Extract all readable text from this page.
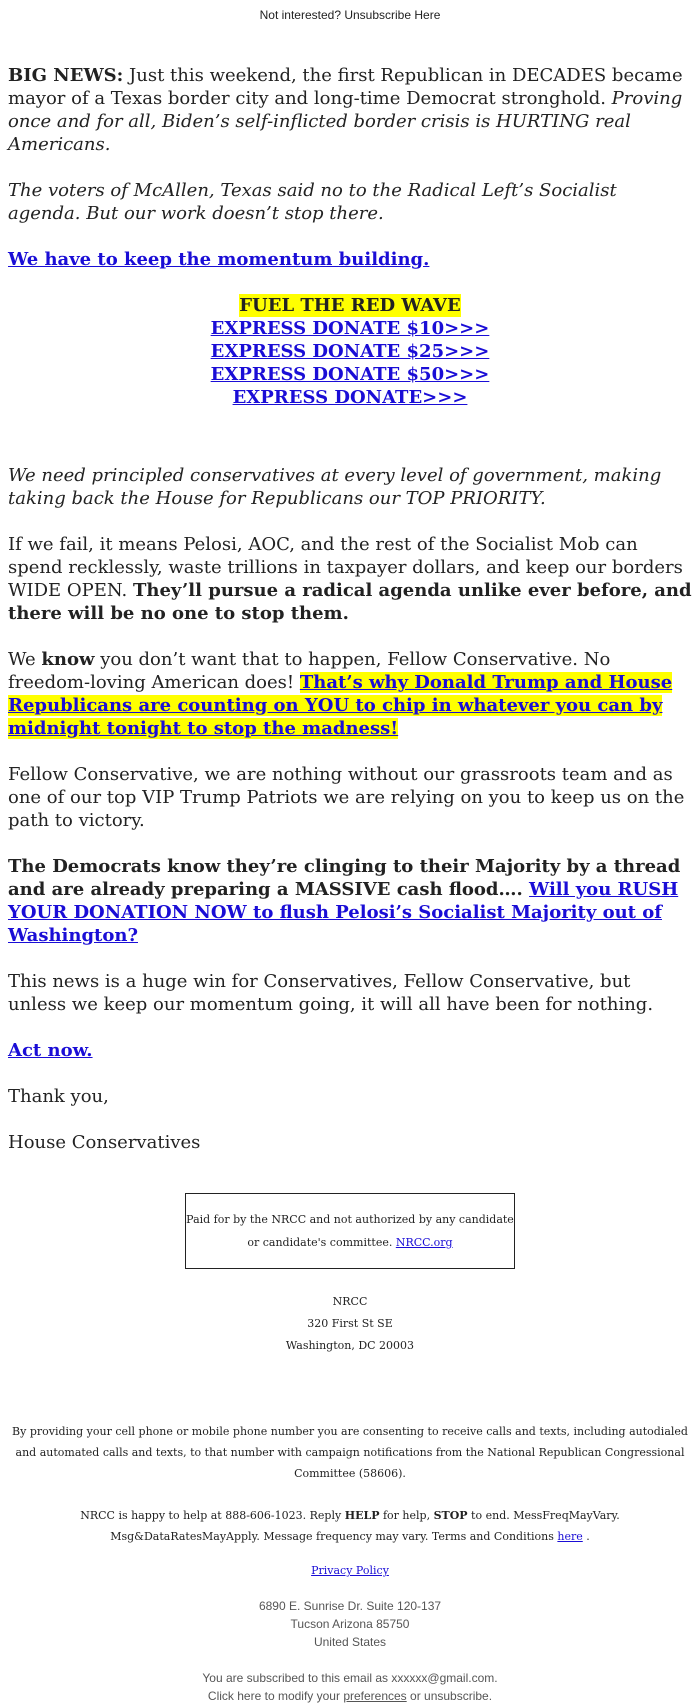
Not interested? Unsubscribe Here

BIG NEWS: Just this weekend, the first Republican in DECADES became mayor of a Texas border city and long-time Democrat stronghold. Proving once and for all, Biden’s self-inflicted border crisis is HURTING real Americans.

The voters of McAllen, Texas said no to the Radical Left’s Socialist agenda. But our work doesn’t stop there.

We have to keep the momentum building.

FUEL THE RED WAVE
EXPRESS DONATE $10>>>
EXPRESS DONATE $25>>>
EXPRESS DONATE $50>>>
EXPRESS DONATE>>>

We need principled conservatives at every level of government, making taking back the House for Republicans our TOP PRIORITY.

If we fail, it means Pelosi, AOC, and the rest of the Socialist Mob can spend recklessly, waste trillions in taxpayer dollars, and keep our borders WIDE OPEN. They’ll pursue a radical agenda unlike ever before, and there will be no one to stop them.

We know you don’t want that to happen, Fellow Conservative. No freedom-loving American does! That’s why Donald Trump and House Republicans are counting on YOU to chip in whatever you can by midnight tonight to stop the madness!

Fellow Conservative, we are nothing without our grassroots team and as one of our top VIP Trump Patriots we are relying on you to keep us on the path to victory.

The Democrats know they’re clinging to their Majority by a thread and are already preparing a MASSIVE cash flood…. Will you RUSH YOUR DONATION NOW to flush Pelosi’s Socialist Majority out of Washington?

This news is a huge win for Conservatives, Fellow Conservative, but unless we keep our momentum going, it will all have been for nothing.

Act now.

Thank you,

House Conservatives

Paid for by the NRCC and not authorized by any candidate or candidate's committee. NRCC.org
NRCC
320 First St SE
Washington, DC 20003
By providing your cell phone or mobile phone number you are consenting to receive calls and texts, including autodialed and automated calls and texts, to that number with campaign notifications from the National Republican Congressional Committee (58606).
NRCC is happy to help at 888-606-1023. Reply HELP for help, STOP to end. MessFreqMayVary. Msg&DataRatesMayApply. Message frequency may vary. Terms and Conditions here .
Privacy Policy
6890 E. Sunrise Dr. Suite 120-137
Tucson Arizona 85750
United States
You are subscribed to this email as xxxxxx@gmail.com.
Click here to modify your preferences or unsubscribe.
